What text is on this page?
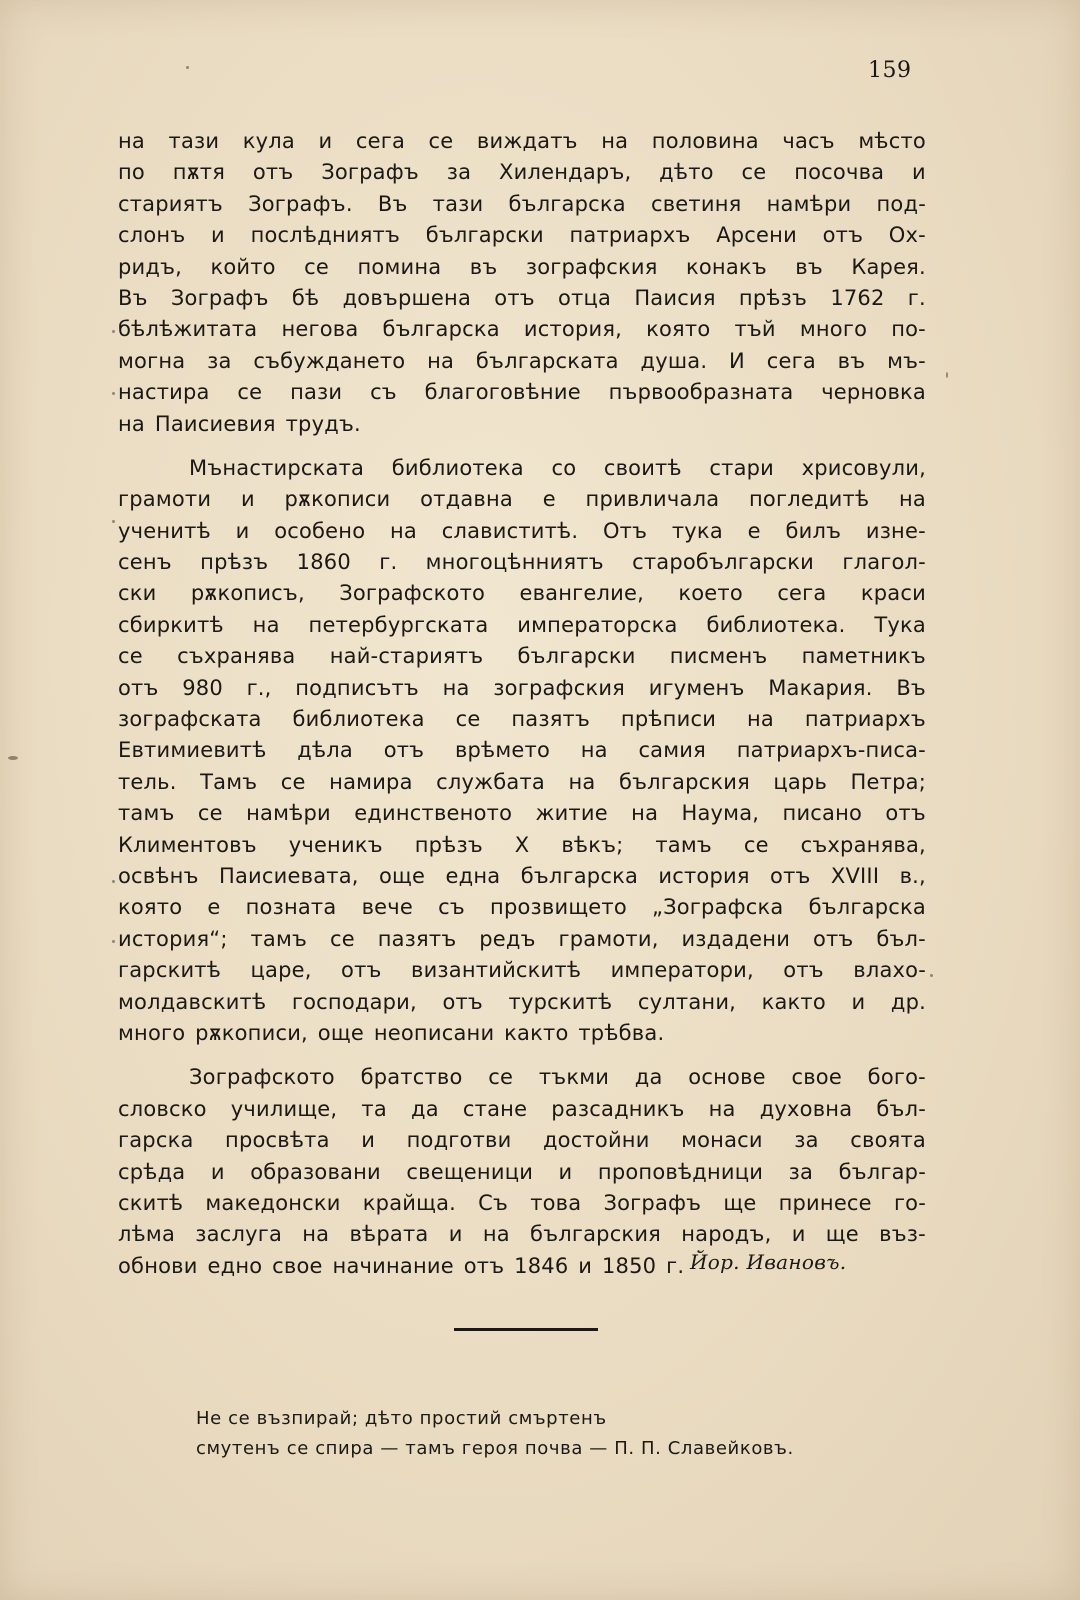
159
на тази кула и сега се виждатъ на половина часъ мѣсто
по пѫтя отъ Зографъ за Хилендаръ, дѣто се посочва и
стариятъ Зографъ. Въ тази българска светиня намѣри под-
слонъ и послѣдниятъ български патриархъ Арсени отъ Ох-
ридъ, който се помина въ зографския конакъ въ Карея.
Въ Зографъ бѣ довършена отъ отца Паисия прѣзъ 1762 г.
бѣлѣжитата негова българска история, която тъй много по-
могна за събуждането на българската душа. И сега въ мъ-
настира се пази съ благоговѣние първообразната черновка
на Паисиевия трудъ.
Мънастирската библиотека со своитѣ стари хрисовули,
грамоти и рѫкописи отдавна е привличала погледитѣ на
ученитѣ и особено на славиститѣ. Отъ тука е билъ изне-
сенъ прѣзъ 1860 г. многоцѣнниятъ старобългарски глагол-
ски рѫкописъ, Зографското евангелие, което сега краси
сбиркитѣ на петербургската императорска библиотека. Тука
се съхранява най-стариятъ български писменъ паметникъ
отъ 980 г., подписътъ на зографския игуменъ Макария. Въ
зографската библиотека се пазятъ прѣписи на патриархъ
Евтимиевитѣ дѣла отъ врѣмето на самия патриархъ-писа-
тель. Тамъ се намира службата на българския царь Петра;
тамъ се намѣри единственото житие на Наума, писано отъ
Климентовъ ученикъ прѣзъ X вѣкъ; тамъ се съхранява,
освѣнъ Паисиевата, още една българска история отъ XVIII в.,
която е позната вече съ прозвището „Зографска българска
история“; тамъ се пазятъ редъ грамоти, издадени отъ бъл-
гарскитѣ царе, отъ византийскитѣ императори, отъ влахо-
молдавскитѣ господари, отъ турскитѣ султани, както и др.
много рѫкописи, още неописани както трѣбва.
Зографското братство се тъкми да основе свое бого-
словско училище, та да стане разсадникъ на духовна бъл-
гарска просвѣта и подготви достойни монаси за своята
срѣда и образовани свещеници и проповѣдници за българ-
скитѣ македонски крайща. Съ това Зографъ ще принесе го-
лѣма заслуга на вѣрата и на българския народъ, и ще въз-
обнови едно свое начинание отъ 1846 и 1850 г. Йор. Ивановъ.
Не се възпирай; дѣто простий смъртенъ
смутенъ се спира — тамъ героя почва — П. П. Славейковъ.
